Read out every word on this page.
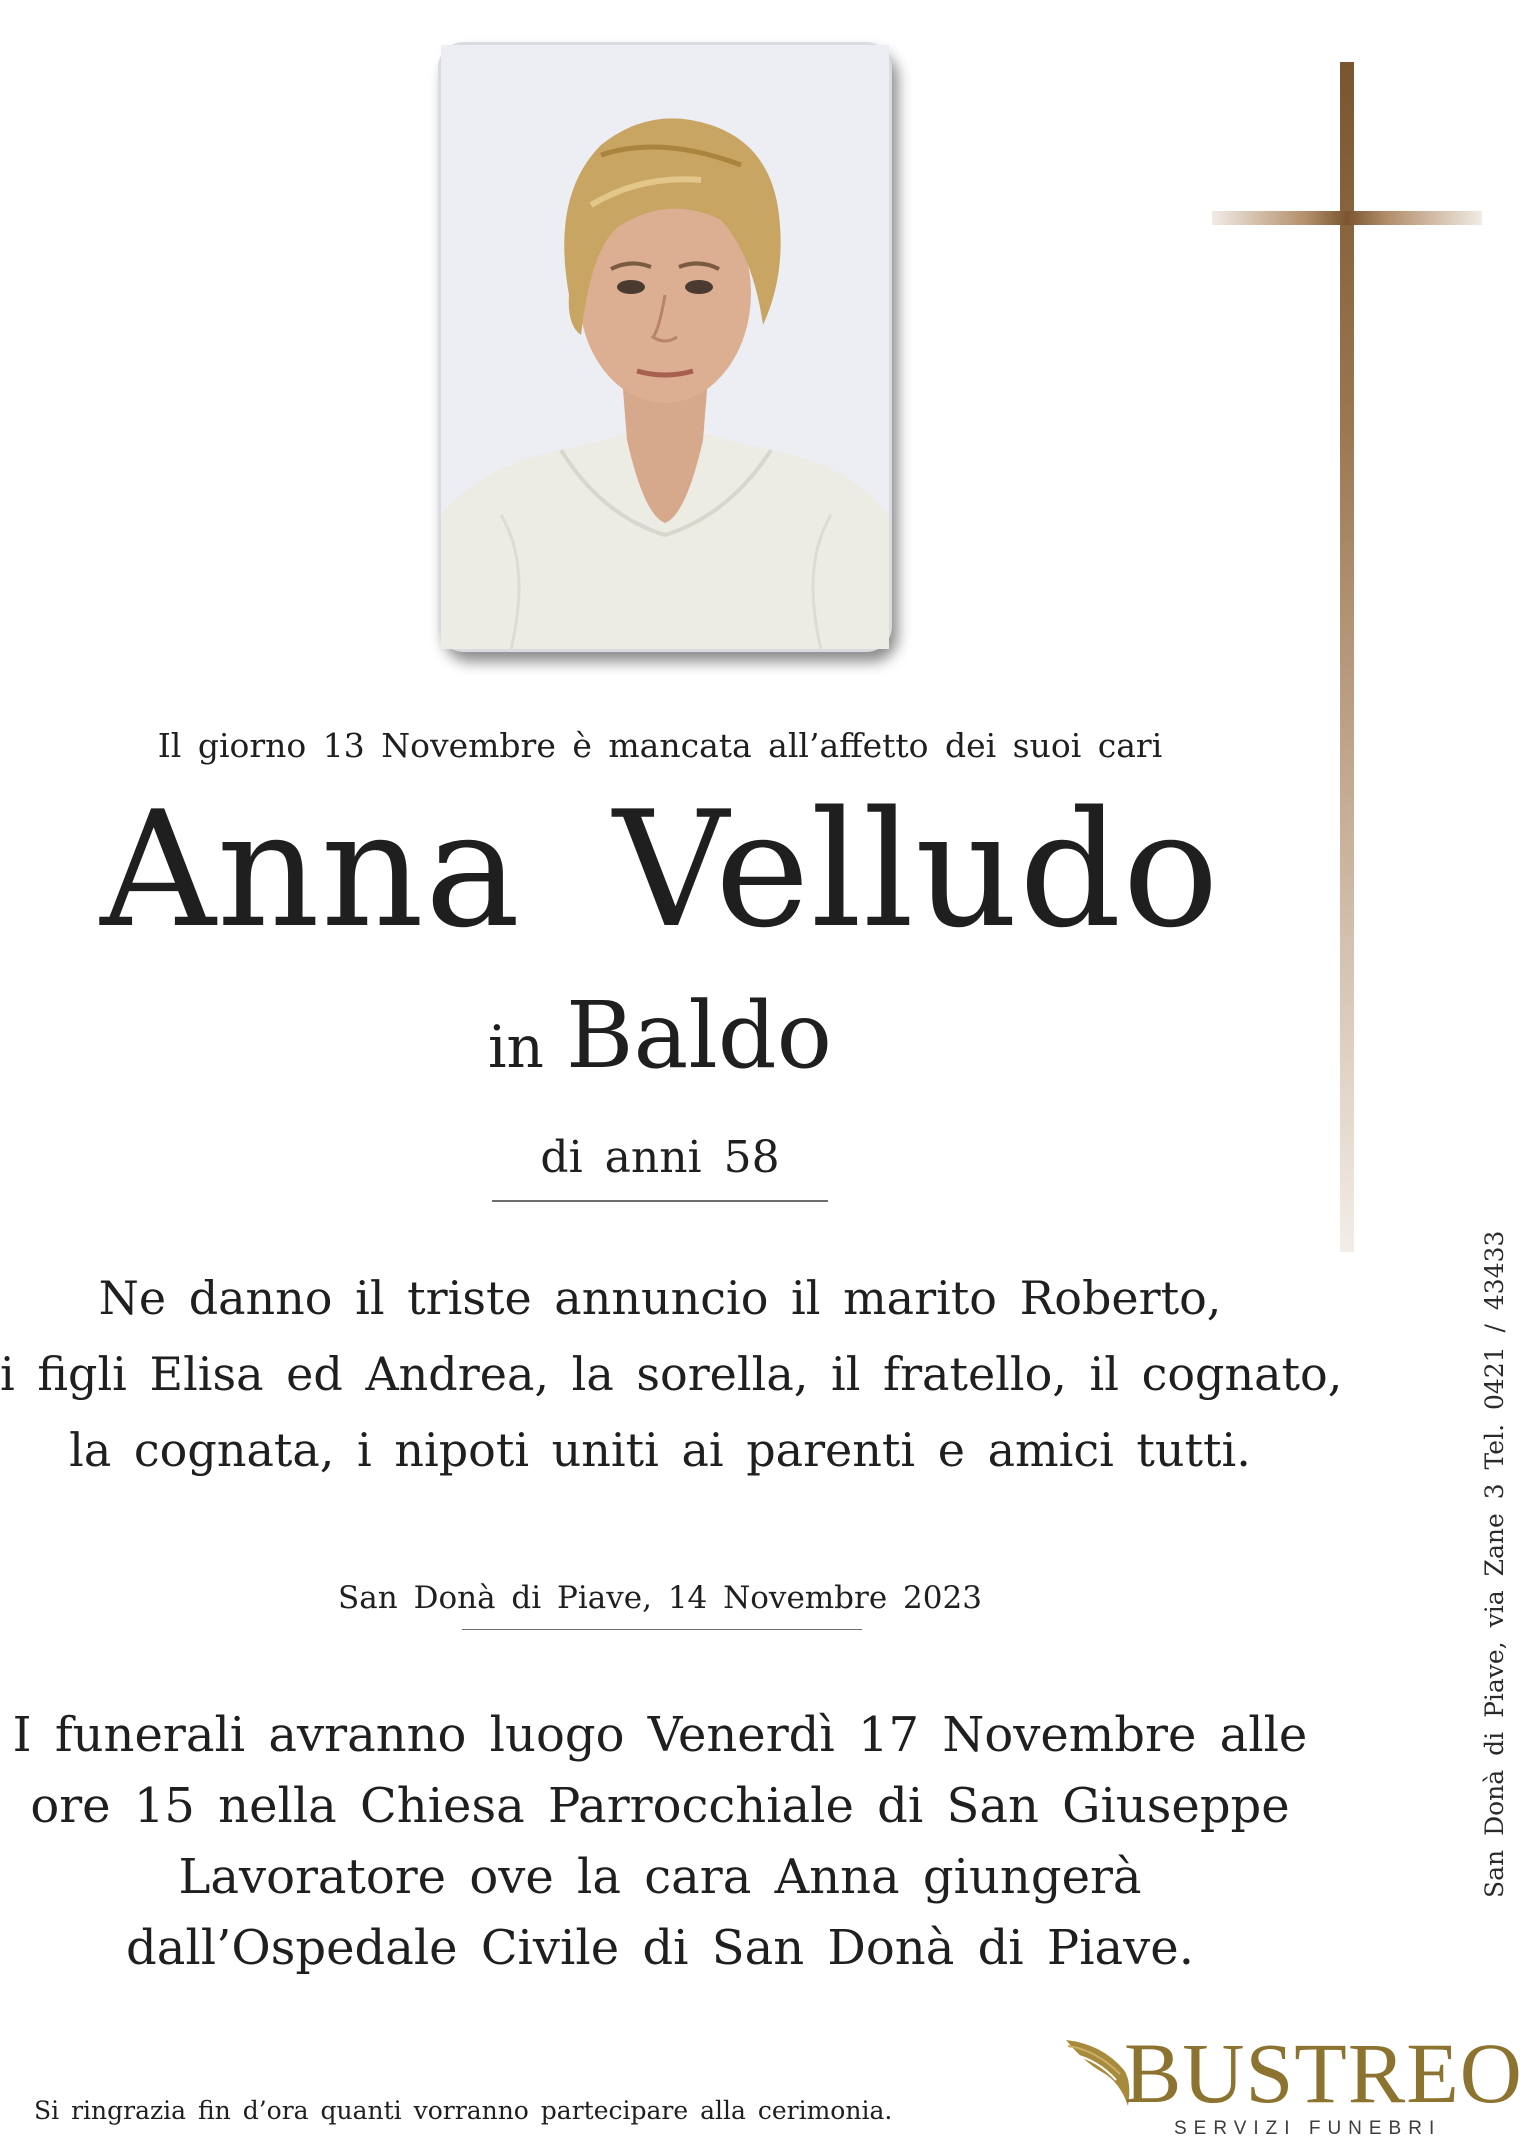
Il giorno 13 Novembre è mancata all’affetto dei suoi cari
Anna Velludo
in Baldo
di anni 58
Ne danno il triste annuncio il marito Roberto,
i figli Elisa ed Andrea, la sorella, il fratello, il cognato,
la cognata, i nipoti uniti ai parenti e amici tutti.
San Donà di Piave, 14 Novembre 2023
I funerali avranno luogo Venerdì 17 Novembre alle
ore 15 nella Chiesa Parrocchiale di San Giuseppe
Lavoratore ove la cara Anna giungerà
dall’Ospedale Civile di San Donà di Piave.
Si ringrazia fin d’ora quanti vorranno partecipare alla cerimonia.
San Donà di Piave, via Zane 3 Tel. 0421 / 43433
BUSTREO
SERVIZI FUNEBRI
